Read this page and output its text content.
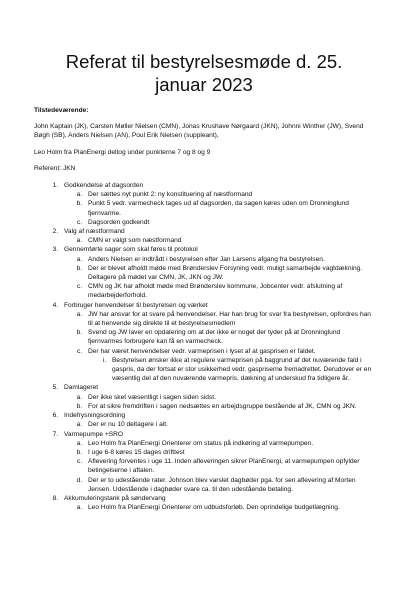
Referat til bestyrelsesmøde d. 25. januar 2023
Tilstedeværende:
John Kaptain (JK), Carsten Møller Nielsen (CMN), Jonas Krushave Nørgaard (JKN), Johnni Winther (JW), Svend Bøgh (SB), Anders Nielsen (AN), Poul Erik Nielsen (suppleant),
Leo Holm fra PlanEnergi deltog under punkterne 7 og 8 og 9
Referent: JKN
1. Godkendelse af dagsorden
a. Der sættes nyt punkt 2: ny konstituering af næstformand
b. Punkt 5 vedr. varmecheck tages ud af dagsorden, da sagen køres uden om Dronninglund fjernvarme.
c. Dagsorden godkendt
2. Valg af næstformand
a. CMN er valgt som næstformand
3. Gennemførte sager som skal føres til protokol
a. Anders Nielsen er indtrådt i bestyrelsen efter Jan Larsens afgang fra bestyrelsen.
b. Der er blevet afholdt møde med Brønderslev Forsyning vedr. muligt samarbejde vagtdækning. Deltagere på mødet var CMN, JK, JKN og JW.
c. CMN og JK har afholdt møde med Brønderslev kommune, Jobcenter vedr. afslutning af medarbejderforhold.
4. Forbruger henvendelser til bestyrelsen og værket
a. JW har ansvar for at svare på henvendelser. Har han brug for svar fra bestyrelsen, opfordres han til at henvende sig direkte til et bestyrelsesmedlem
b. Svend og JW laver en opdatering om at der ikke er noget der tyder på at Dronninglund fjernvarmes forbrugere kan få en varmecheck.
c. Der har været henvendelser vedr. varmeprisen i lyset af at gasprisen er faldet.
i. Bestyrelsen ønsker ikke at regulere varmeprisen på baggrund af det nuværende fald i gaspris, da der fortsat er stor usikkerhed vedr. gaspriserne fremadrettet. Derudover er en væsentlig del af den nuværende varmepris, dækning af underskud fra tidligere år.
5. Damlageret
a. Der ikke sket væsentligt i sagen siden sidst.
b. For at sikre fremdriften i sagen nedsættes en arbejdsgruppe bestående af JK, CMN og JKN.
6. Indefrysningsordning
a. Der er nu 10 deltagere i alt.
7. Varmepumpe +SRO
a. Leo Holm fra PlanEnergi Orienterer om status på indkøring af varmepumpen.
b. I uge 6-8 køres 15 dages drifttest
c. Aflevering forventes i uge 11. Inden afleveringen sikrer PlanEnergi, at varmepumpen opfylder betingelserne i aftalen.
d. Der er to udestående rater. Johnson blev varslet dagbøder pga. for sen aflevering af Morten Jensen. Udestående i dagbøder svare ca. til den udestående betaling.
8. Akkumuleringstank på søndervang
a. Leo Holm fra PlanEnergi Orienterer om udbudsforløb. Den oprindelige budgetlægning.
